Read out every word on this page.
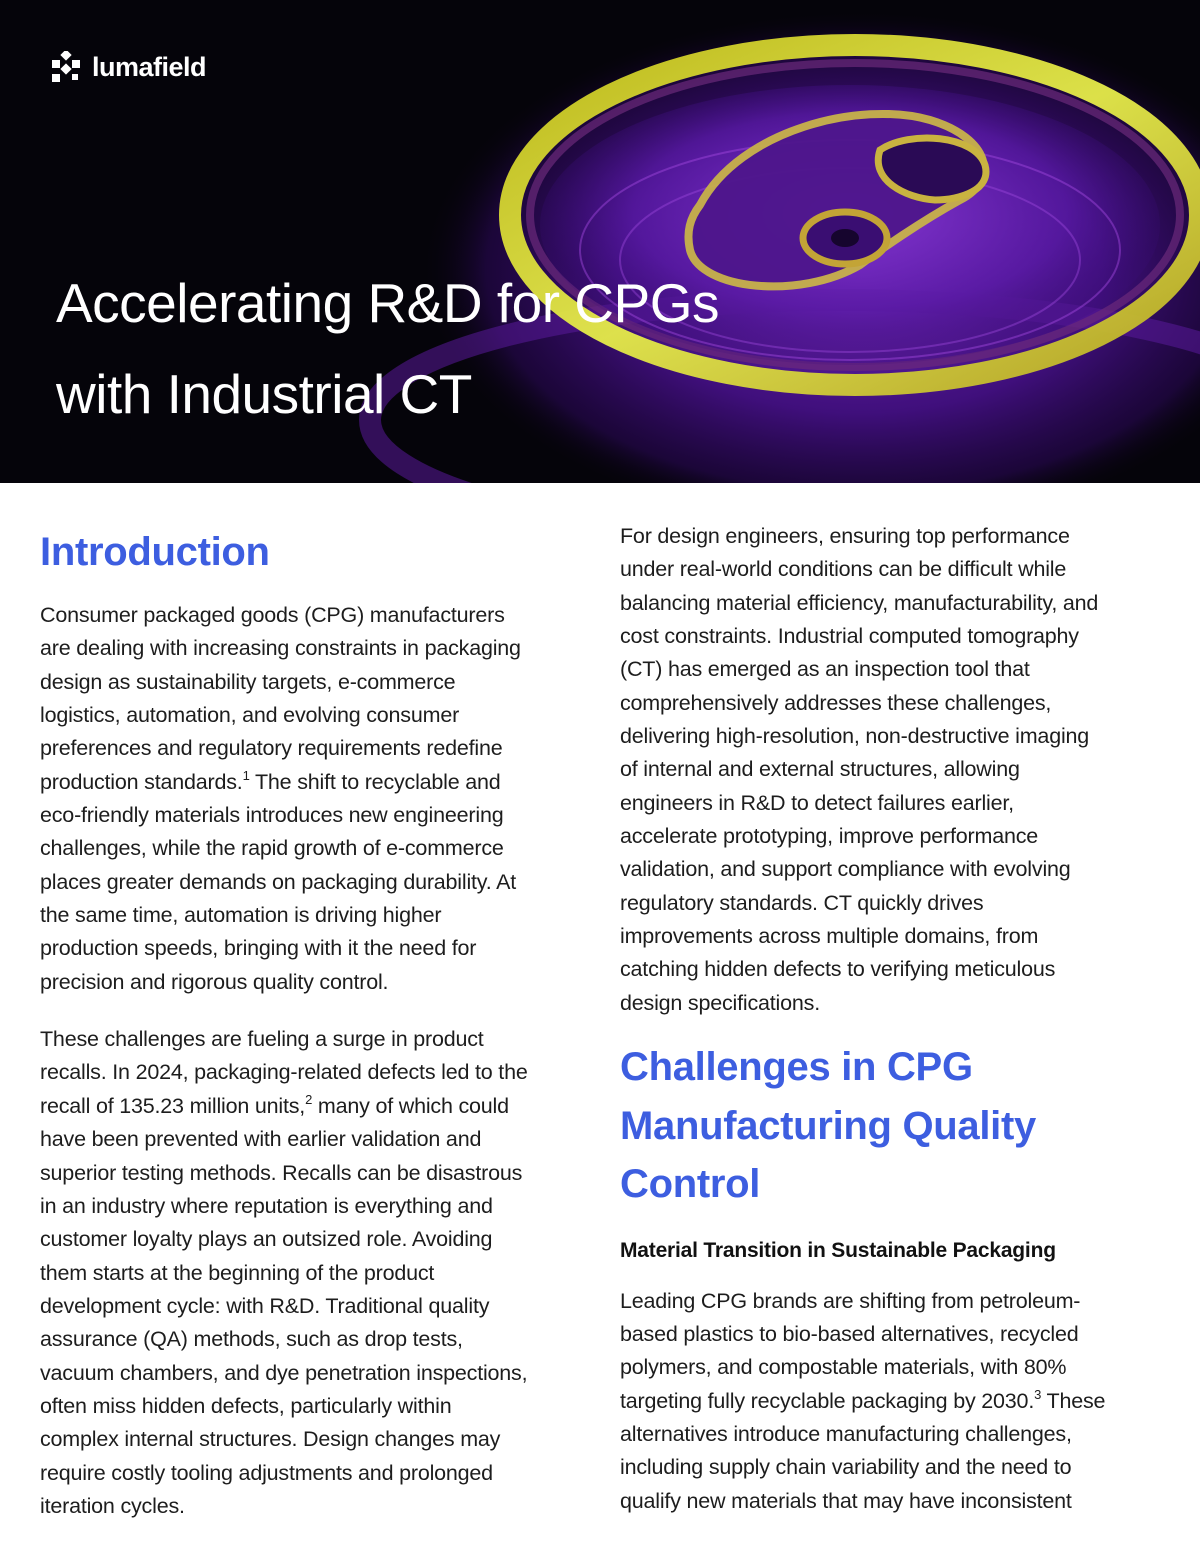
lumafield
Accelerating R&D for CPGs
with Industrial CT
Introduction

Consumer packaged goods (CPG) manufacturers
are dealing with increasing constraints in packaging
design as sustainability targets, e-commerce
logistics, automation, and evolving consumer
preferences and regulatory requirements redefine
production standards.$^1$ The shift to recyclable and
eco-friendly materials introduces new engineering
challenges, while the rapid growth of e-commerce
places greater demands on packaging durability. At
the same time, automation is driving higher
production speeds, bringing with it the need for
precision and rigorous quality control.

These challenges are fueling a surge in product
recalls. In 2024, packaging-related defects led to the
recall of 135.23 million units,$^2$ many of which could
have been prevented with earlier validation and
superior testing methods. Recalls can be disastrous
in an industry where reputation is everything and
customer loyalty plays an outsized role. Avoiding
them starts at the beginning of the product
development cycle: with R&D. Traditional quality
assurance (QA) methods, such as drop tests,
vacuum chambers, and dye penetration inspections,
often miss hidden defects, particularly within
complex internal structures. Design changes may
require costly tooling adjustments and prolonged
iteration cycles.

For design engineers, ensuring top performance
under real-world conditions can be difficult while
balancing material efficiency, manufacturability, and
cost constraints. Industrial computed tomography
(CT) has emerged as an inspection tool that
comprehensively addresses these challenges,
delivering high-resolution, non-destructive imaging
of internal and external structures, allowing
engineers in R&D to detect failures earlier,
accelerate prototyping, improve performance
validation, and support compliance with evolving
regulatory standards. CT quickly drives
improvements across multiple domains, from
catching hidden defects to verifying meticulous
design specifications.

Challenges in CPG
Manufacturing Quality
Control
Material Transition in Sustainable Packaging

Leading CPG brands are shifting from petroleum-
based plastics to bio-based alternatives, recycled
polymers, and compostable materials, with 80%
targeting fully recyclable packaging by 2030.$^3$ These
alternatives introduce manufacturing challenges,
including supply chain variability and the need to
qualify new materials that may have inconsistent
